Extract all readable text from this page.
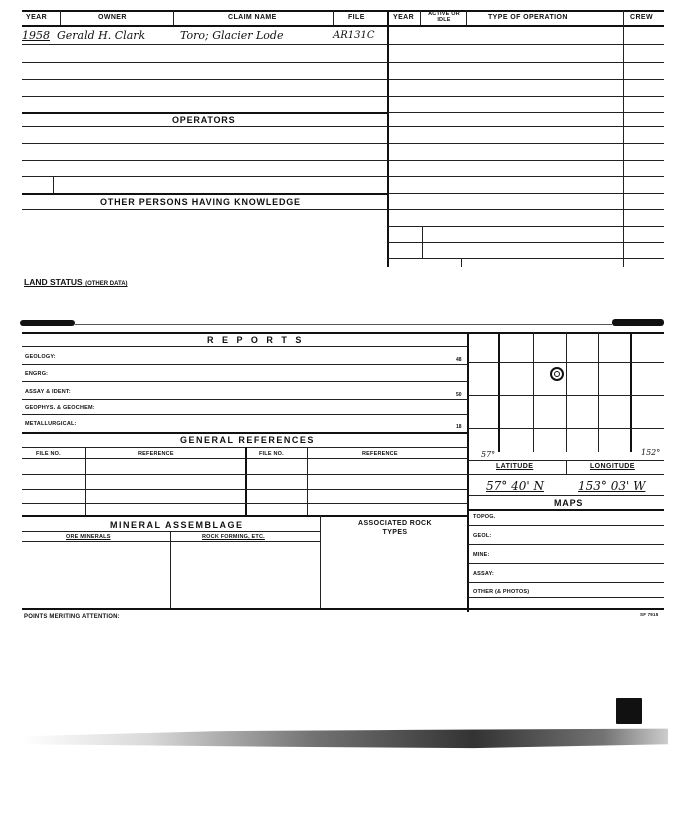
YEAR	OWNER	CLAIM NAME	FILE	YEAR	ACTIVE OR IDLE	TYPE OF OPERATION	CREW
1958 Gerald H. Clark	Toro; Glacier Lode	AR131C
OPERATORS
OTHER PERSONS HAVING KNOWLEDGE
LAND STATUS (OTHER DATA)
R E P O R T S
GEOLOGY:	48
ENGRG:
ASSAY & IDENT:	50
GEOPHYS. & GEOCHEM:
METALLURGICAL:	18
GENERAL REFERENCES
FILE NO.	REFERENCE	FILE NO.	REFERENCE
MINERAL ASSEMBLAGE	ASSOCIATED ROCK TYPES
ORE MINERALS	ROCK FORMING, ETC.
57°	152°
LATITUDE	LONGITUDE
57° 40' N	153° 03' W
MAPS
TOPOG.
GEOL:
MINE:
ASSAY:
OTHER (& PHOTOS)
POINTS MERITING ATTENTION:	SF 7915
